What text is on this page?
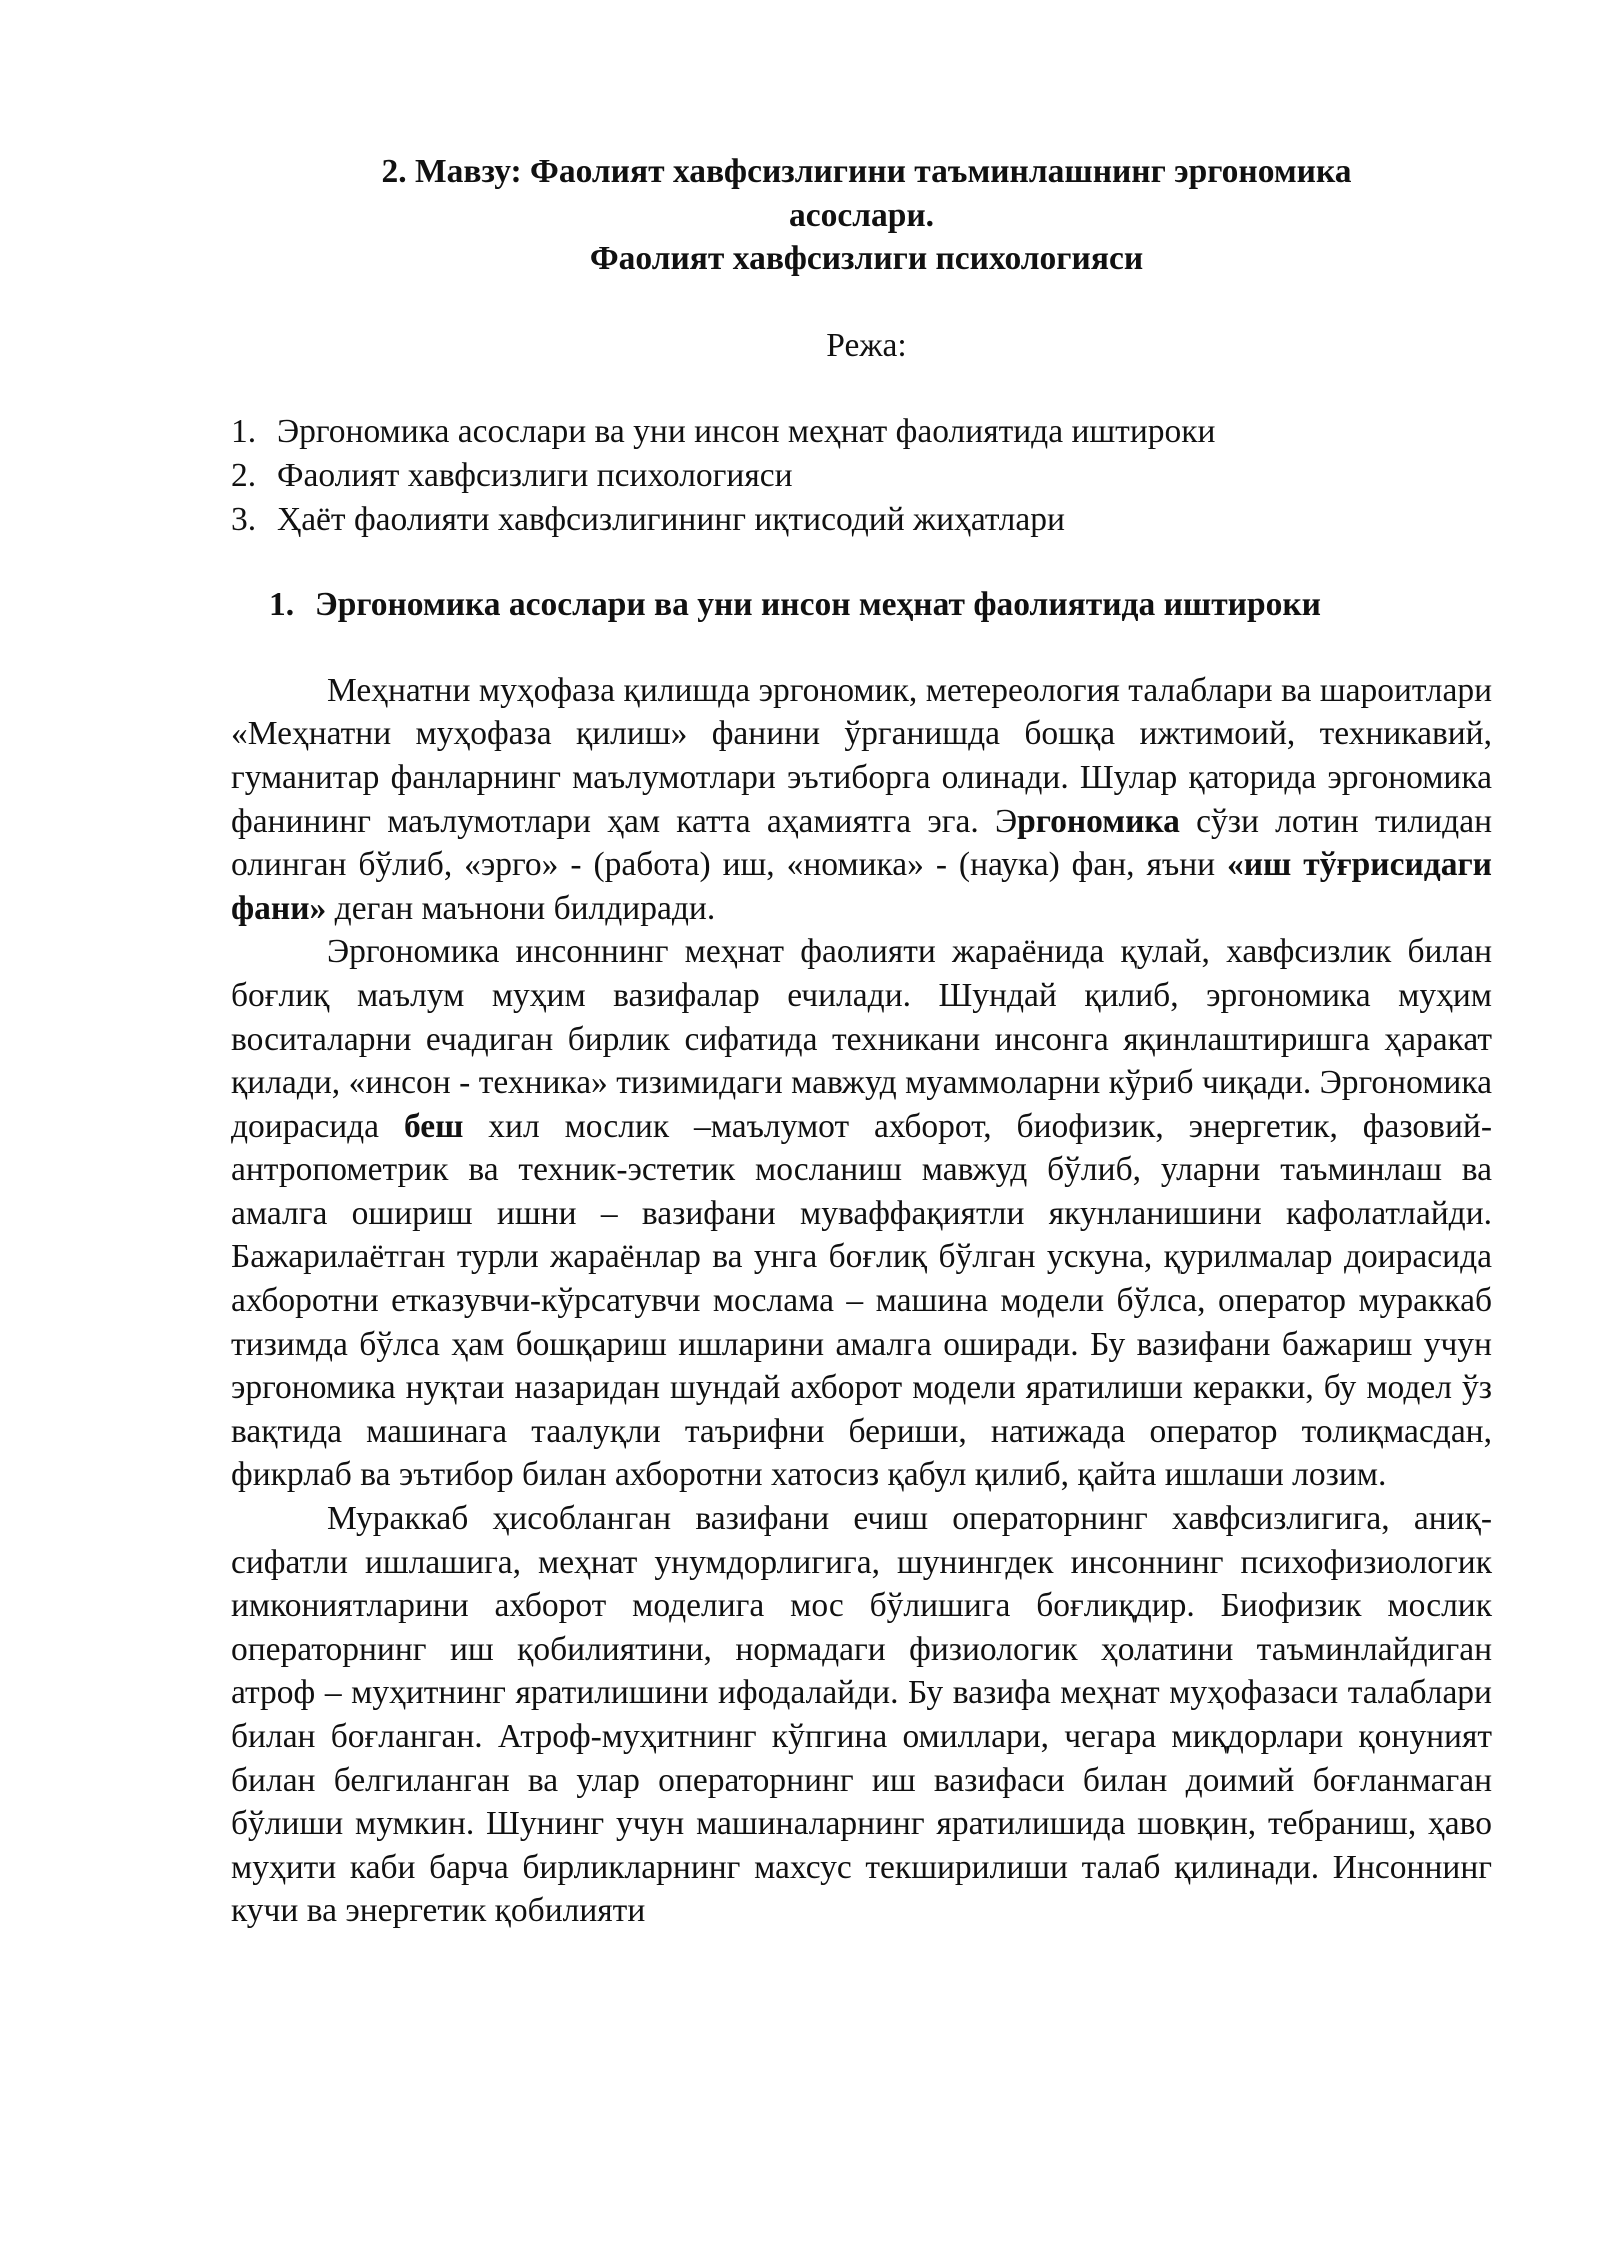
2. Мавзу: Фаолият хавфсизлигини таъминлашнинг эргономика
асослари.
Фаолият хавфсизлиги психологияси
Режа:
1. Эргономика асослари ва уни инсон меҳнат фаолиятида иштироки
2. Фаолият хавфсизлиги психологияси
3. Ҳаёт фаолияти хавфсизлигининг иқтисодий жиҳатлари
1. Эргономика асослари ва уни инсон меҳнат фаолиятида иштироки

Меҳнатни муҳофаза қилишда эргономик, метереология талаблари ва шароитлари «Меҳнатни муҳофаза қилиш» фанини ўрганишда бошқа ижтимоий, техникавий, гуманитар фанларнинг маълумотлари эътиборга олинади. Шулар қаторида эргономика фанининг маълумотлари ҳам катта аҳамиятга эга. Эргономика сўзи лотин тилидан олинган бўлиб, «эрго» - (работа) иш, «номика» - (наука) фан, яъни «иш тўғрисидаги фани» деган маънони билдиради.

Эргономика инсоннинг меҳнат фаолияти жараёнида қулай, хавфсизлик билан боғлиқ маълум муҳим вазифалар ечилади. Шундай қилиб, эргономика муҳим воситаларни ечадиган бирлик сифатида техникани инсонга яқинлаштиришга ҳаракат қилади, «инсон - техника» тизимидаги мавжуд муаммоларни кўриб чиқади. Эргономика доирасида беш хил мослик –маълумот ахборот, биофизик, энергетик, фазовий-антропометрик ва техник-эстетик мосланиш мавжуд бўлиб, уларни таъминлаш ва амалга ошириш ишни – вазифани муваффақиятли якунланишини кафолатлайди. Бажарилаётган турли жараёнлар ва унга боғлиқ бўлган ускуна, қурилмалар доирасида ахборотни етказувчи-кўрсатувчи мослама – машина модели бўлса, оператор мураккаб тизимда бўлса ҳам бошқариш ишларини амалга оширади. Бу вазифани бажариш учун эргономика нуқтаи назаридан шундай ахборот модели яратилиши керакки, бу модел ўз вақтида машинага таалуқли таърифни бериши, натижада оператор толиқмасдан, фикрлаб ва эътибор билан ахборотни хатосиз қабул қилиб, қайта ишлаши лозим.

Мураккаб ҳисобланган вазифани ечиш операторнинг хавфсизлигига, аниқ-сифатли ишлашига, меҳнат унумдорлигига, шунингдек инсоннинг психофизиологик имкониятларини ахборот моделига мос бўлишига боғлиқдир. Биофизик мослик операторнинг иш қобилиятини, нормадаги физиологик ҳолатини таъминлайдиган атроф – муҳитнинг яратилишини ифодалайди. Бу вазифа меҳнат муҳофазаси талаблари билан боғланган. Атроф-муҳитнинг кўпгина омиллари, чегара миқдорлари қонуният билан белгиланган ва улар операторнинг иш вазифаси билан доимий боғланмаган бўлиши мумкин. Шунинг учун машиналарнинг яратилишида шовқин, тебраниш, ҳаво муҳити каби барча бирликларнинг махсус текширилиши талаб қилинади. Инсоннинг кучи ва энергетик қобилияти
